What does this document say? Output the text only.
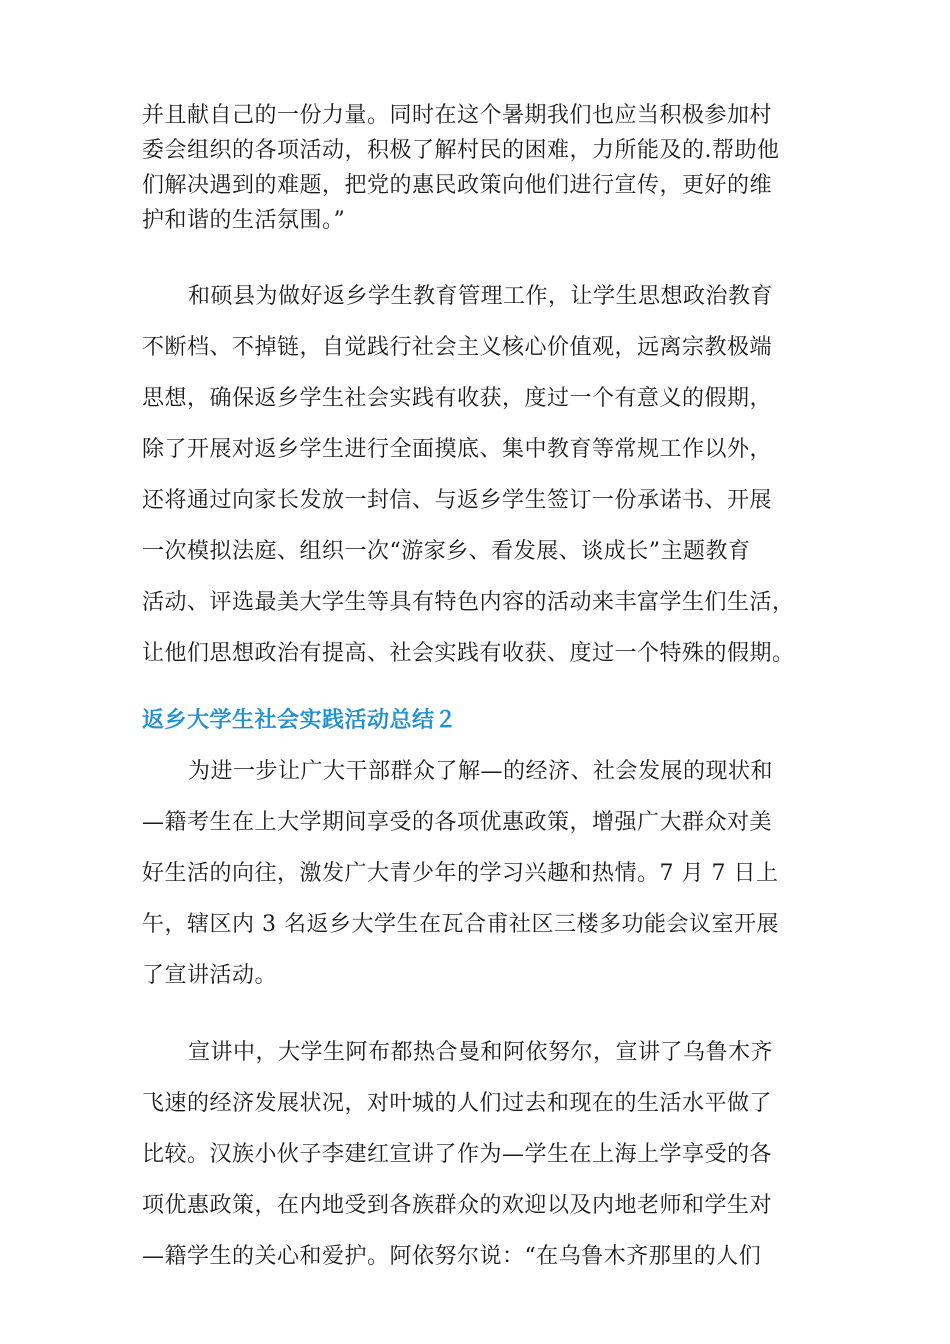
并且献自己的一份力量。同时在这个暑期我们也应当积极参加村
委会组织的各项活动，积极了解村民的困难，力所能及的.帮助他
们解决遇到的难题，把党的惠民政策向他们进行宣传，更好的维
护和谐的生活氛围。”
和硕县为做好返乡学生教育管理工作，让学生思想政治教育
不断档、不掉链，自觉践行社会主义核心价值观，远离宗教极端
思想，确保返乡学生社会实践有收获，度过一个有意义的假期，
除了开展对返乡学生进行全面摸底、集中教育等常规工作以外，
还将通过向家长发放一封信、与返乡学生签订一份承诺书、开展
一次模拟法庭、组织一次“游家乡、看发展、谈成长”主题教育
活动、评选最美大学生等具有特色内容的活动来丰富学生们生活，
让他们思想政治有提高、社会实践有收获、度过一个特殊的假期。
返乡大学生社会实践活动总结２
为进一步让广大干部群众了解—的经济、社会发展的现状和
—籍考生在上大学期间享受的各项优惠政策，增强广大群众对美
好生活的向往，激发广大青少年的学习兴趣和热情。7 月 7 日上
午，辖区内 3 名返乡大学生在瓦合甫社区三楼多功能会议室开展
了宣讲活动。
宣讲中，大学生阿布都热合曼和阿依努尔，宣讲了乌鲁木齐
飞速的经济发展状况，对叶城的人们过去和现在的生活水平做了
比较。汉族小伙子李建红宣讲了作为—学生在上海上学享受的各
项优惠政策，在内地受到各族群众的欢迎以及内地老师和学生对
—籍学生的关心和爱护。阿依努尔说：“在乌鲁木齐那里的人们
